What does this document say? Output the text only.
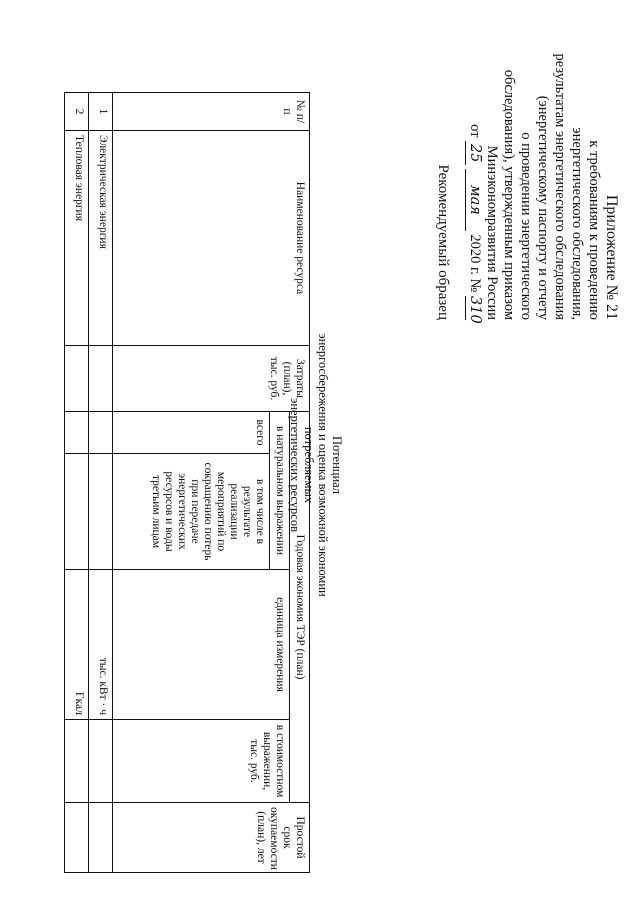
Приложение № 21
к требованиям к проведению
энергетического обследования,
результатам энергетического обследования
(энергетическому паспорту и отчету
о проведении энергетического
обследования), утвержденным приказом
Минэкономразвития России
от 25 мая 2020 г. № 310
Рекомендуемый образец
Потенциал
энергосбережения и оценка возможной экономии потребляемых
энергетических ресурсов
№ п/п	Наименование ресурса	Затраты (план), тыс. руб.	Годовая экономия ТЭР (план)				Простой срок окупаемости (план), лет
			в натуральном выражении		единица измерения	в стоимостном выражении, тыс. руб.	
			всего	в том числе в результате реализации мероприятий по сокращению потерь при передаче энергетических ресурсов и воды третьим лицам			
1	Электрическая энергия				тыс. кВт · ч		
2	Тепловая энергия				Гкал		
